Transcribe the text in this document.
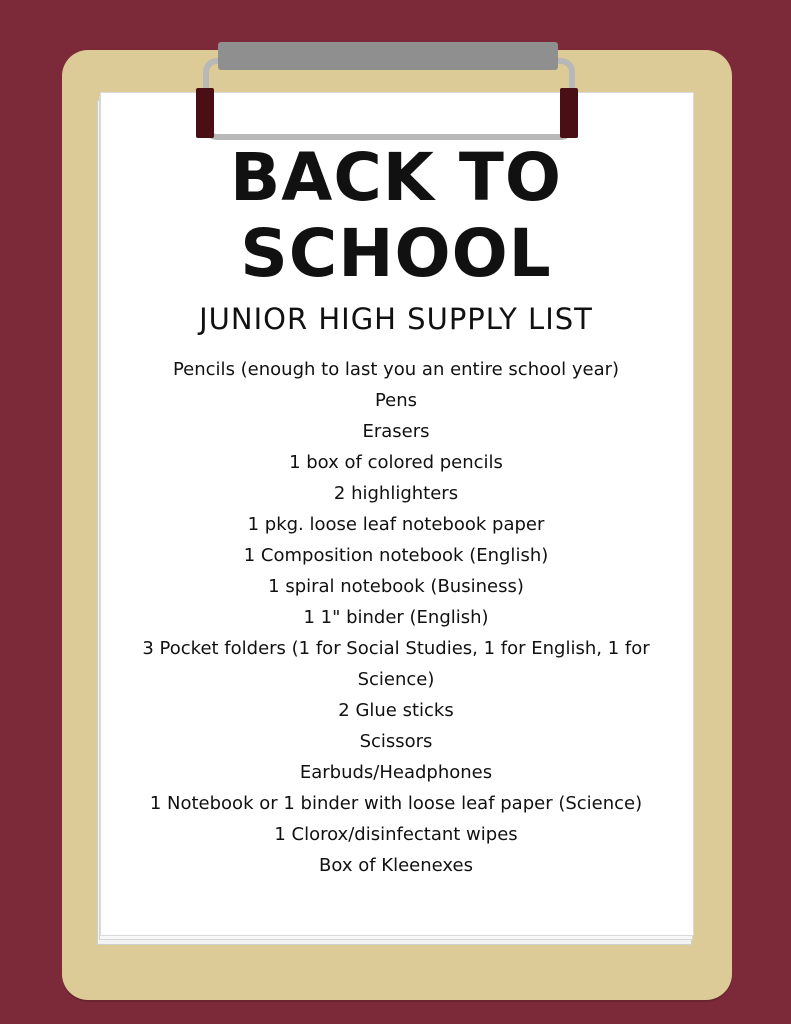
BACK TO SCHOOL
JUNIOR HIGH SUPPLY LIST
Pencils (enough to last you an entire school year)
Pens
Erasers
1 box of colored pencils
2 highlighters
1 pkg. loose leaf notebook paper
1 Composition notebook (English)
1 spiral notebook (Business)
1 1" binder (English)
3 Pocket folders (1 for Social Studies, 1 for English, 1 for Science)
2 Glue sticks
Scissors
Earbuds/Headphones
1 Notebook or 1 binder with loose leaf paper (Science)
1 Clorox/disinfectant wipes
Box of Kleenexes
